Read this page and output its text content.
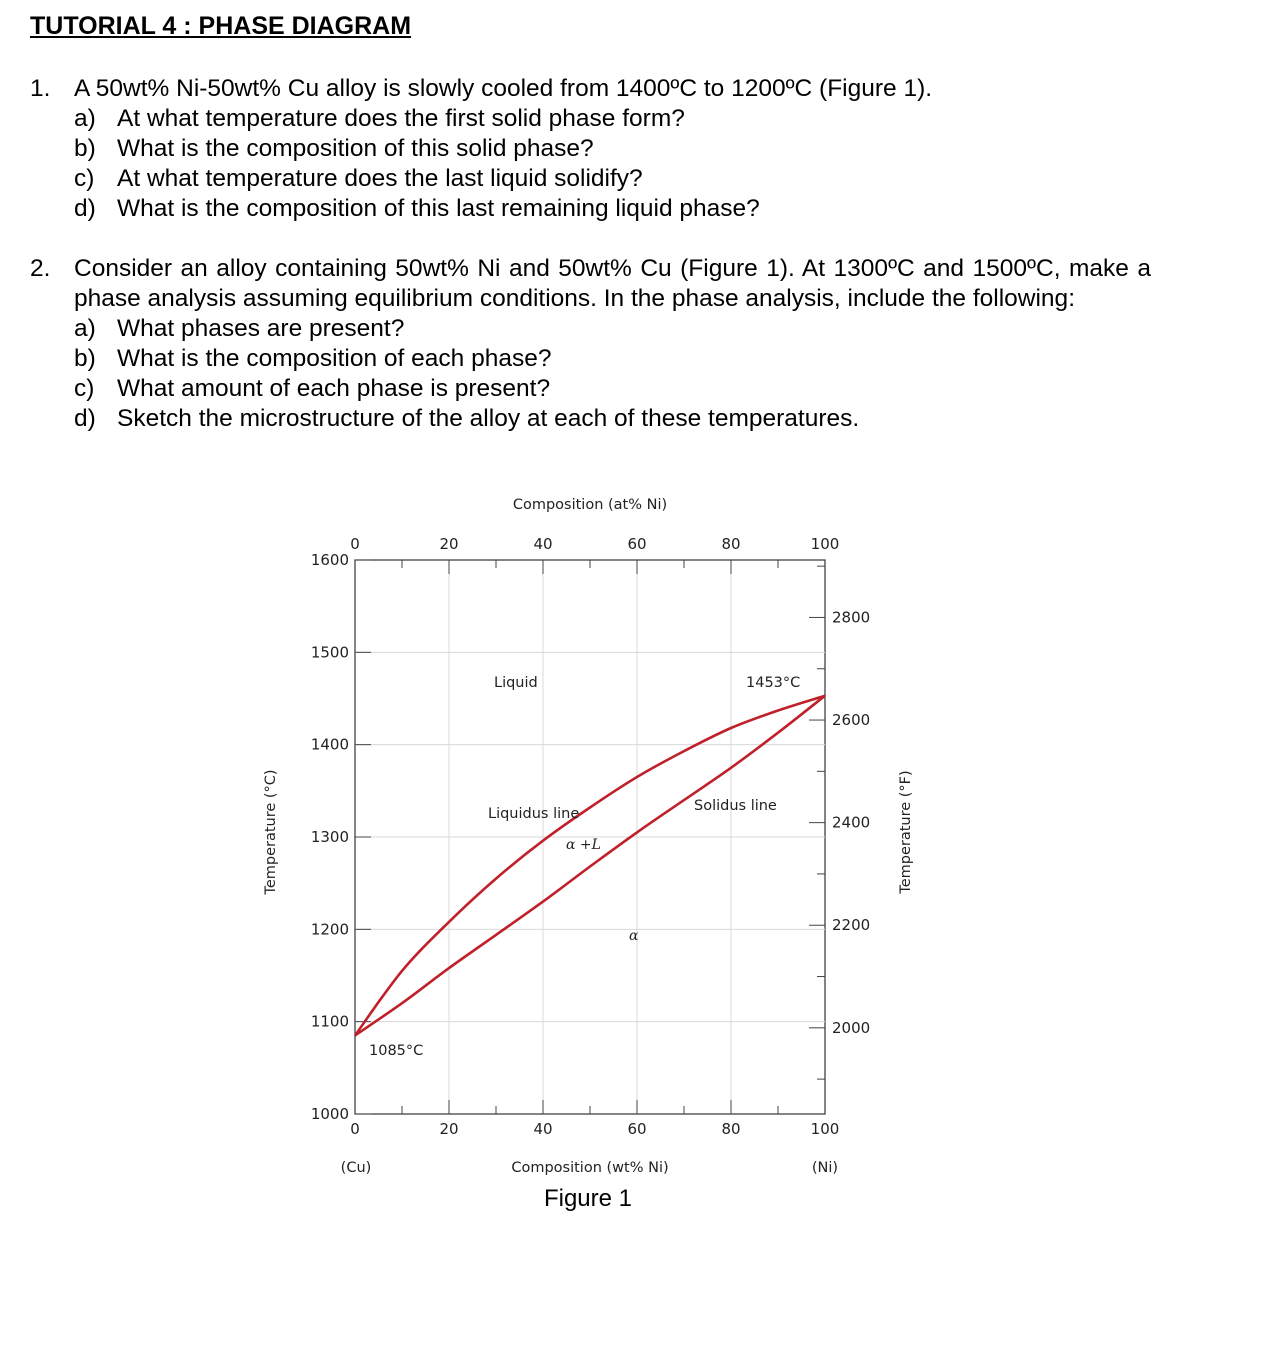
TUTORIAL 4 : PHASE DIAGRAM
1. A 50wt% Ni-50wt% Cu alloy is slowly cooled from 1400ºC to 1200ºC (Figure 1).
a) At what temperature does the first solid phase form?
b) What is the composition of this solid phase?
c) At what temperature does the last liquid solidify?
d) What is the composition of this last remaining liquid phase?
2. Consider an alloy containing 50wt% Ni and 50wt% Cu (Figure 1). At 1300ºC and 1500ºC, make a phase analysis assuming equilibrium conditions. In the phase analysis, include the following:
a) What phases are present?
b) What is the composition of each phase?
c) What amount of each phase is present?
d) Sketch the microstructure of the alloy at each of these temperatures.
0	20	40	60	80	100
0	20	40	60	80	100
1000
1100
1200
1300
1400
1500
1600
2000
2200
2400
2600
2800
Composition (at% Ni)
Composition (wt% Ni)
(Cu)	(Ni)
Temperature (°C)	Temperature (°F)
Liquid	1453°C
Liquidus line	Solidus line
α +L
α
1085°C
Figure 1
